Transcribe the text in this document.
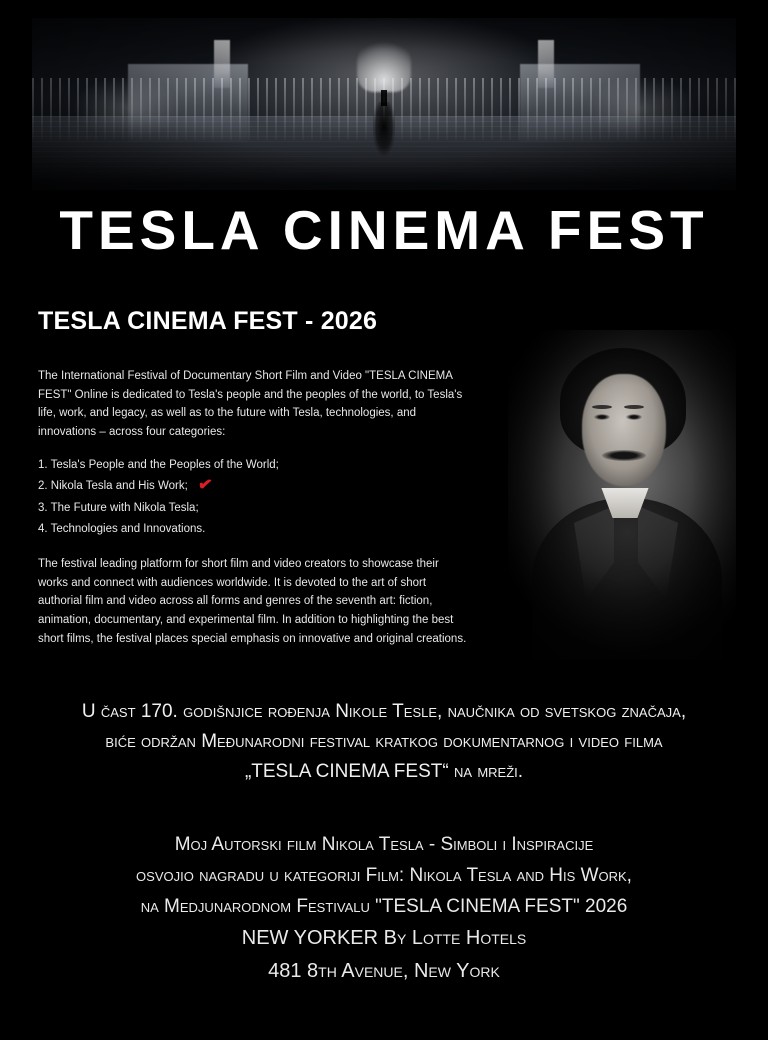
TESLA CINEMA FEST
TESLA CINEMA FEST - 2026

The International Festival of Documentary Short Film and Video "TESLA CINEMA FEST" Online is dedicated to Tesla's people and the peoples of the world, to Tesla's life, work, and legacy, as well as to the future with Tesla, technologies, and innovations – across four categories:

1. Tesla's People and the Peoples of the World;
2. Nikola Tesla and His Work; ✔
3. The Future with Nikola Tesla;
4. Technologies and Innovations.

The festival leading platform for short film and video creators to showcase their works and connect with audiences worldwide. It is devoted to the art of short authorial film and video across all forms and genres of the seventh art: fiction, animation, documentary, and experimental film. In addition to highlighting the best short films, the festival places special emphasis on innovative and original creations.

U čast 170. godišnjice rođenja Nikole Tesle, naučnika od svetskog značaja,
biće održan Međunarodni festival kratkog dokumentarnog i video filma
„TESLA CINEMA FEST“ na mreži.
Moj Autorski film Nikola Tesla - Simboli i Inspiracije
osvojio nagradu u kategoriji Film: Nikola Tesla and His Work,
na Medjunarodnom Festivalu "TESLA CINEMA FEST" 2026
NEW YORKER By Lotte Hotels
481 8th Avenue, New York
